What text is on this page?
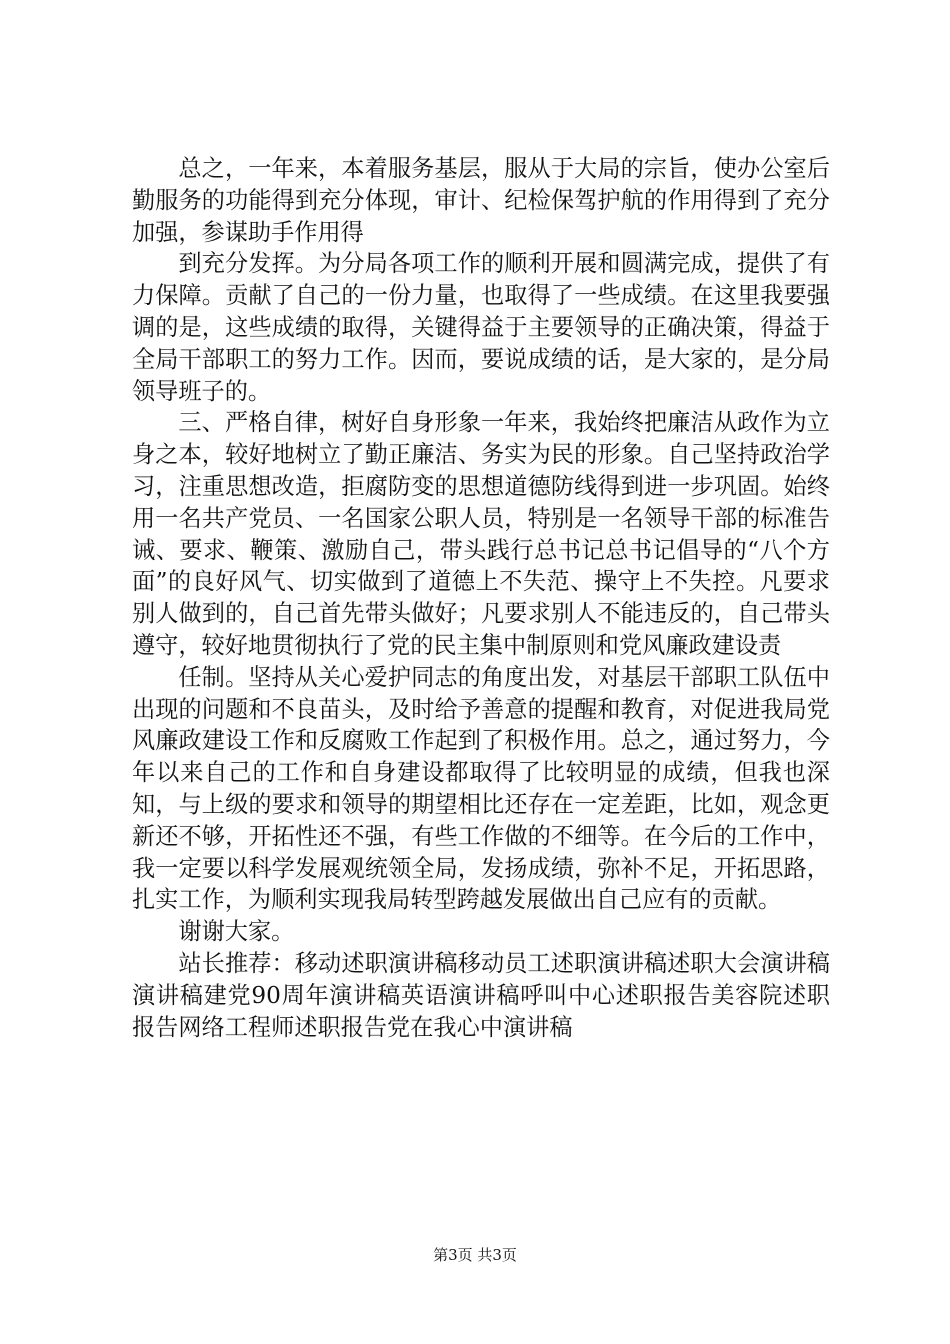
总之，一年来，本着服务基层，服从于大局的宗旨，使办公室后勤服务的功能得到充分体现，审计、纪检保驾护航的作用得到了充分加强，参谋助手作用得

到充分发挥。为分局各项工作的顺利开展和圆满完成，提供了有力保障。贡献了自己的一份力量，也取得了一些成绩。在这里我要强调的是，这些成绩的取得，关键得益于主要领导的正确决策，得益于全局干部职工的努力工作。因而，要说成绩的话，是大家的，是分局领导班子的。

三、严格自律，树好自身形象一年来，我始终把廉洁从政作为立身之本，较好地树立了勤正廉洁、务实为民的形象。自己坚持政治学习，注重思想改造，拒腐防变的思想道德防线得到进一步巩固。始终用一名共产党员、一名国家公职人员，特别是一名领导干部的标准告诫、要求、鞭策、激励自己，带头践行总书记总书记倡导的“八个方面”的良好风气、切实做到了道德上不失范、操守上不失控。凡要求别人做到的，自己首先带头做好；凡要求别人不能违反的，自己带头遵守，较好地贯彻执行了党的民主集中制原则和党风廉政建设责

任制。坚持从关心爱护同志的角度出发，对基层干部职工队伍中出现的问题和不良苗头，及时给予善意的提醒和教育，对促进我局党风廉政建设工作和反腐败工作起到了积极作用。总之，通过努力，今年以来自己的工作和自身建设都取得了比较明显的成绩，但我也深知，与上级的要求和领导的期望相比还存在一定差距，比如，观念更新还不够，开拓性还不强，有些工作做的不细等。在今后的工作中，我一定要以科学发展观统领全局，发扬成绩，弥补不足，开拓思路，扎实工作，为顺利实现我局转型跨越发展做出自己应有的贡献。

谢谢大家。

站长推荐：移动述职演讲稿移动员工述职演讲稿述职大会演讲稿演讲稿建党90周年演讲稿英语演讲稿呼叫中心述职报告美容院述职报告网络工程师述职报告党在我心中演讲稿

第3页 共3页
